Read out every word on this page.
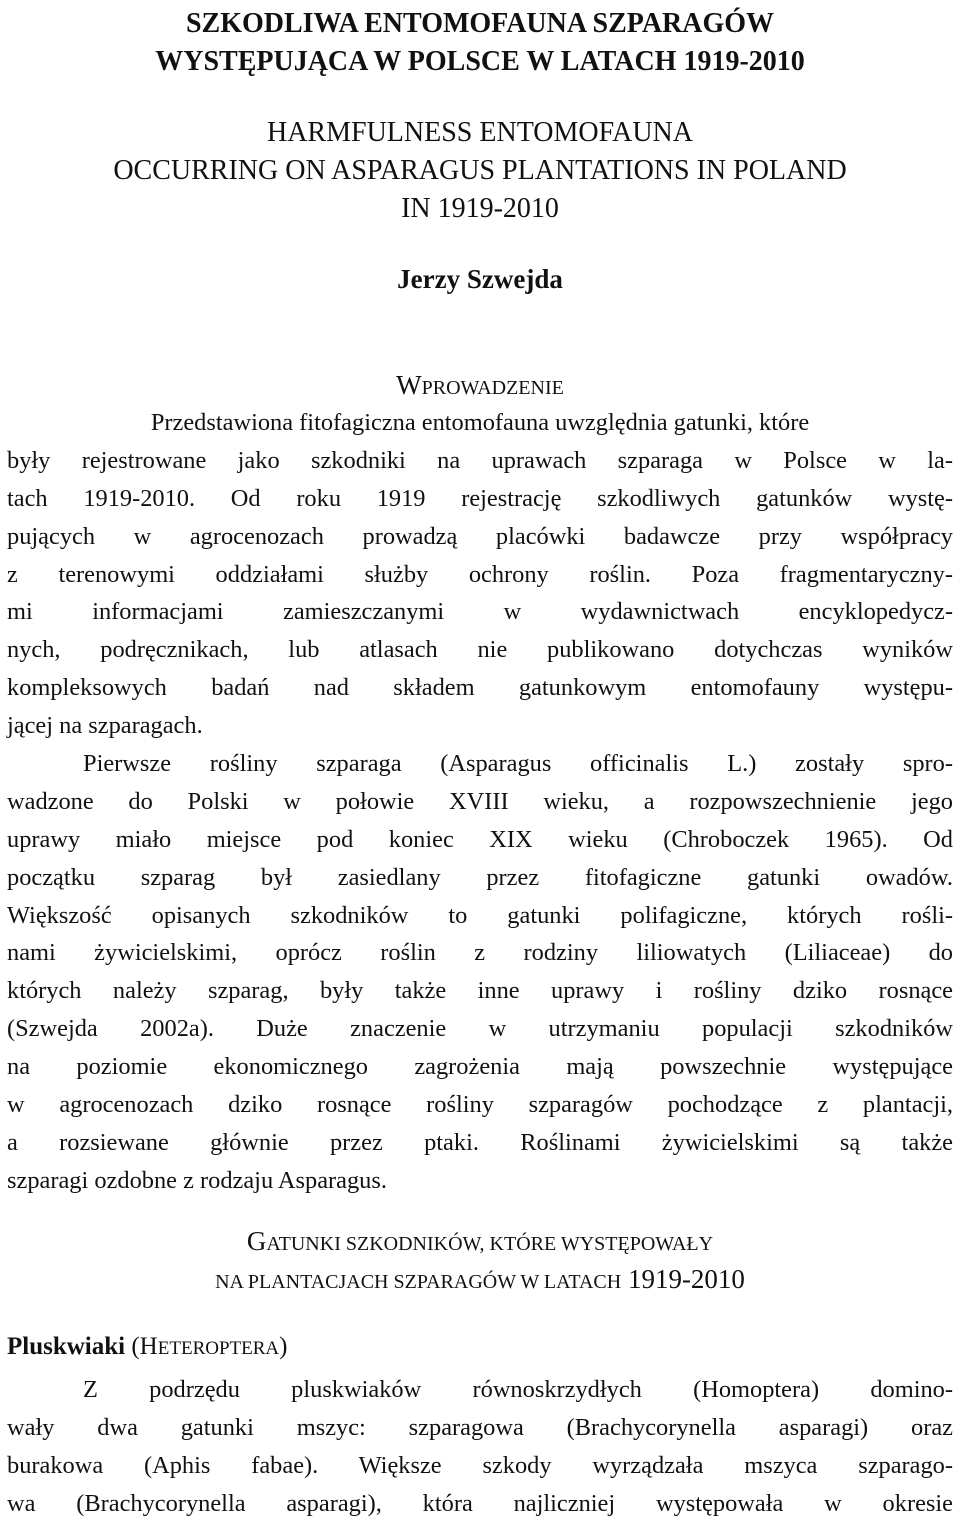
SZKODLIWA ENTOMOFAUNA SZPARAGÓW
WYSTĘPUJĄCA W POLSCE W LATACH 1919-2010
HARMFULNESS ENTOMOFAUNA
OCCURRING ON ASPARAGUS PLANTATIONS IN POLAND
IN 1919-2010
Jerzy Szwejda
WPROWADZENIE
Przedstawiona fitofagiczna entomofauna uwzględnia gatunki, które
były rejestrowane jako szkodniki na uprawach szparaga w Polsce w la-
tach 1919-2010. Od roku 1919 rejestrację szkodliwych gatunków wystę-
pujących w agrocenozach prowadzą placówki badawcze przy współpracy
z terenowymi oddziałami służby ochrony roślin. Poza fragmentaryczny-
mi informacjami zamieszczanymi w wydawnictwach encyklopedycz-
nych, podręcznikach, lub atlasach nie publikowano dotychczas wyników
kompleksowych badań nad składem gatunkowym entomofauny występu-
jącej na szparagach.
Pierwsze rośliny szparaga (Asparagus officinalis L.) zostały spro-
wadzone do Polski w połowie XVIII wieku, a rozpowszechnienie jego
uprawy miało miejsce pod koniec XIX wieku (Chroboczek 1965). Od
początku szparag był zasiedlany przez fitofagiczne gatunki owadów.
Większość opisanych szkodników to gatunki polifagiczne, których rośli-
nami żywicielskimi, oprócz roślin z rodziny liliowatych (Liliaceae) do
których należy szparag, były także inne uprawy i rośliny dziko rosnące
(Szwejda 2002a). Duże znaczenie w utrzymaniu populacji szkodników
na poziomie ekonomicznego zagrożenia mają powszechnie występujące
w agrocenozach dziko rosnące rośliny szparagów pochodzące z plantacji,
a rozsiewane głównie przez ptaki. Roślinami żywicielskimi są także
szparagi ozdobne z rodzaju Asparagus.
GATUNKI SZKODNIKÓW, KTÓRE WYSTĘPOWAŁY
NA PLANTACJACH SZPARAGÓW W LATACH 1919-2010
Pluskwiaki (HETEROPTERA)
Z podrzędu pluskwiaków równoskrzydłych (Homoptera) domino-
wały dwa gatunki mszyc: szparagowa (Brachycorynella asparagi) oraz
burakowa (Aphis fabae). Większe szkody wyrządzała mszyca szparago-
wa (Brachycorynella asparagi), która najliczniej występowała w okresie
